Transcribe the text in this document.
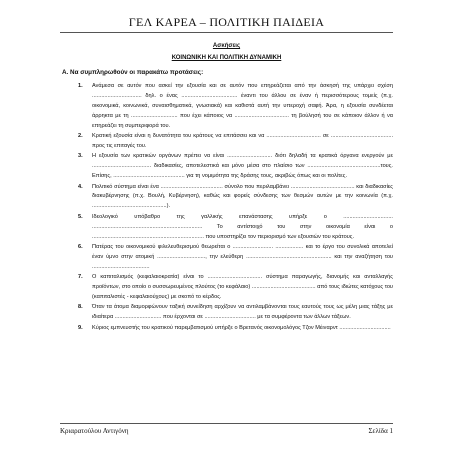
ΓΕΛ ΚΑΡΕΑ – ΠΟΛΙΤΙΚΗ ΠΑΙΔΕΙΑ
Ασκήσεις
ΚΟΙΝΩΝΙΚΗ ΚΑΙ ΠΟΛΙΤΙΚΗ ΔΥΝΑΜΙΚΗ
Α. Να συμπληρωθούν οι παρακάτω προτάσεις:
1. Ανάμεσα σε αυτόν που ασκεί την εξουσία και σε αυτόν που επηρεάζεται από την άσκησή της υπάρχει σχέση ................................ δηλ. ο ένας .................................... έναντι του άλλου σε έναν ή περισσότερους τομείς (π.χ. οικονομικά, κοινωνικά, συναισθηματικά, γνωσιακά) και καθιστά αυτή την υπεροχή σαφή. Άρα, η εξουσία συνδέεται άρρηκτα με τη .............................. που έχει κάποιος να ................................... τη βούλησή του σε κάποιον άλλον ή να επηρεάζει τη συμπεριφορά του.
2. Κρατική εξουσία είναι η δυνατότητα του κράτους να επιτάσσει και να ................................... σε ........................................ προς τις επιταγές του.
3. Η εξουσία των κρατικών οργάνων πρέπει να είναι ............................. διότι δηλαδή τα κρατικά όργανα ενεργούν με ...................................... διαδικασίες, αποτελεστικά και μόνο μέσα στο πλαίσιο των ...............................................τους. Επίσης, .............................................. για τη νομιμότητα της δράσης τους, ακριβώς όπως και οι πολίτες.
4. Πολιτικό σύστημα είναι ένα ........................................ σύνολο που περιλαμβάνει ......................................... και διαδικασίες διακυβέρνησης (π.χ. Βουλή, Κυβέρνηση), καθώς και φορείς σύνδεσης των θεσμών αυτών με την κοινωνία (π.χ. ................................................).
5. Ιδεολογικό υπόβαθρο της γαλλικής επανάστασης υπήρξε ο ................................ ....................................................................... Το αντίστοιχό του στην οικονομία είναι ο ........................................................................ που υποστηρίζει τον περιορισμό των εξουσιών του κράτους.
6. Πατέρας του οικονομικού φιλελευθερισμού θεωρείται ο .......................... .................. και το έργο του συνολικά αποτελεί έναν ύμνο στην ατομική ..............................., την ελεύθερη ....................................................... και την αναζήτηση του .....................................
7. Ο καπιταλισμός (κεφαλαιοκρατία) είναι το ................................... σύστημα παραγωγής, διανομής και ανταλλαγής προϊόντων, στο οποίο ο συσσωρευμένος πλούτος (το κεφάλαιο) ......................................... από τους ιδιώτες κατόχους του (καπιταλιστές - κεφαλαιούχους) με σκοπό το κέρδος.
8. Όταν τα άτομα διαμορφώνουν ταξική συνείδηση αρχίζουν να αντιλαμβάνονται τους εαυτούς τους ως μέλη μιας τάξης με ιδιαίτερα .............................. που έρχονται σε ................................. με τα συμφέροντα των άλλων τάξεων.
9. Κύριος εμπνευστής του κρατικού παρεμβατισμού υπήρξε ο Βρετανός οικονομολόγος Τζον Μέιναρντ .................................
Κριαρατούλου Αντιγόνη	Σελίδα 1
